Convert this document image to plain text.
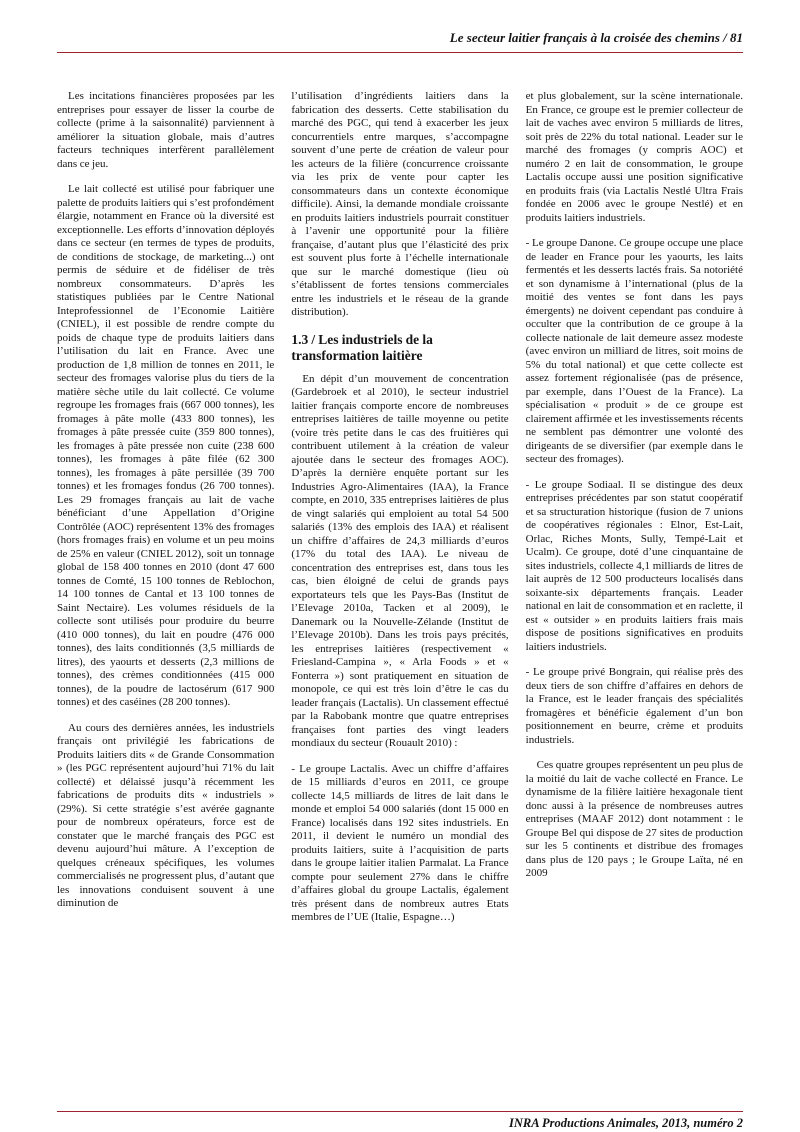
Le secteur laitier français à la croisée des chemins / 81

Les incitations financières proposées par les entreprises pour essayer de lisser la courbe de collecte (prime à la saisonnalité) parviennent à améliorer la situation globale, mais d’autres facteurs techniques interfèrent parallèlement dans ce jeu.

Le lait collecté est utilisé pour fabriquer une palette de produits laitiers qui s’est profondément élargie, notamment en France où la diversité est exceptionnelle. Les efforts d’innovation déployés dans ce secteur (en termes de types de produits, de conditions de stockage, de marketing...) ont permis de séduire et de fidéliser de très nombreux consommateurs. D’après les statistiques publiées par le Centre National Inteprofessionnel de l’Economie Laitière (CNIEL), il est possible de rendre compte du poids de chaque type de produits laitiers dans l’utilisation du lait en France. Avec une production de 1,8 million de tonnes en 2011, le secteur des fromages valorise plus du tiers de la matière sèche utile du lait collecté. Ce volume regroupe les fromages frais (667 000 tonnes), les fromages à pâte molle (433 800 tonnes), les fromages à pâte pressée cuite (359 800 tonnes), les fromages à pâte pressée non cuite (238 600 tonnes), les fromages à pâte filée (62 300 tonnes), les fromages à pâte persillée (39 700 tonnes) et les fromages fondus (26 700 tonnes). Les 29 fromages français au lait de vache bénéficiant d’une Appellation d’Origine Contrôlée (AOC) représentent 13% des fromages (hors fromages frais) en volume et un peu moins de 25% en valeur (CNIEL 2012), soit un tonnage global de 158 400 tonnes en 2010 (dont 47 600 tonnes de Comté, 15 100 tonnes de Reblochon, 14 100 tonnes de Cantal et 13 100 tonnes de Saint Nectaire). Les volumes résiduels de la collecte sont utilisés pour produire du beurre (410 000 tonnes), du lait en poudre (476 000 tonnes), des laits conditionnés (3,5 milliards de litres), des yaourts et desserts (2,3 millions de tonnes), des crèmes conditionnées (415 000 tonnes), de la poudre de lactosérum (617 900 tonnes) et des caséines (28 200 tonnes).

Au cours des dernières années, les industriels français ont privilégié les fabrications de Produits laitiers dits « de Grande Consommation » (les PGC représentent aujourd’hui 71% du lait collecté) et délaissé jusqu’à récemment les fabrications de produits dits « industriels » (29%). Si cette stratégie s’est avérée gagnante pour de nombreux opérateurs, force est de constater que le marché français des PGC est devenu aujourd’hui mâture. A l’exception de quelques créneaux spécifiques, les volumes commercialisés ne progressent plus, d’autant que les innovations conduisent souvent à une diminution de

l’utilisation d’ingrédients laitiers dans la fabrication des desserts. Cette stabilisation du marché des PGC, qui tend à exacerber les jeux concurrentiels entre marques, s’accompagne souvent d’une perte de création de valeur pour les acteurs de la filière (concurrence croissante via les prix de vente pour capter les consommateurs dans un contexte économique difficile). Ainsi, la demande mondiale croissante en produits laitiers industriels pourrait constituer à l’avenir une opportunité pour la filière française, d’autant plus que l’élasticité des prix est souvent plus forte à l’échelle internationale que sur le marché domestique (lieu où s’établissent de fortes tensions commerciales entre les industriels et le réseau de la grande distribution).

1.3 / Les industriels de la transformation laitière

En dépit d’un mouvement de concentration (Gardebroek et al 2010), le secteur industriel laitier français comporte encore de nombreuses entreprises laitières de taille moyenne ou petite (voire très petite dans le cas des fruitières qui contribuent utilement à la création de valeur ajoutée dans le secteur des fromages AOC). D’après la dernière enquête portant sur les Industries Agro-Alimentaires (IAA), la France compte, en 2010, 335 entreprises laitières de plus de vingt salariés qui emploient au total 54 500 salariés (13% des emplois des IAA) et réalisent un chiffre d’affaires de 24,3 milliards d’euros (17% du total des IAA). Le niveau de concentration des entreprises est, dans tous les cas, bien éloigné de celui de grands pays exportateurs tels que les Pays-Bas (Institut de l’Elevage 2010a, Tacken et al 2009), le Danemark ou la Nouvelle-Zélande (Institut de l’Elevage 2010b). Dans les trois pays précités, les entreprises laitières (respectivement « Friesland-Campina », « Arla Foods » et « Fonterra ») sont pratiquement en situation de monopole, ce qui est très loin d’être le cas du leader français (Lactalis). Un classement effectué par la Rabobank montre que quatre entreprises françaises font parties des vingt leaders mondiaux du secteur (Rouault 2010) :

- Le groupe Lactalis. Avec un chiffre d’affaires de 15 milliards d’euros en 2011, ce groupe collecte 14,5 milliards de litres de lait dans le monde et emploi 54 000 salariés (dont 15 000 en France) localisés dans 192 sites industriels. En 2011, il devient le numéro un mondial des produits laitiers, suite à l’acquisition de parts dans le groupe laitier italien Parmalat. La France compte pour seulement 27% dans le chiffre d’affaires global du groupe Lactalis, également très présent dans de nombreux autres Etats membres de l’UE (Italie, Espagne…)

et plus globalement, sur la scène internationale. En France, ce groupe est le premier collecteur de lait de vaches avec environ 5 milliards de litres, soit près de 22% du total national. Leader sur le marché des fromages (y compris AOC) et numéro 2 en lait de consommation, le groupe Lactalis occupe aussi une position significative en produits frais (via Lactalis Nestlé Ultra Frais fondée en 2006 avec le groupe Nestlé) et en produits laitiers industriels.

- Le groupe Danone. Ce groupe occupe une place de leader en France pour les yaourts, les laits fermentés et les desserts lactés frais. Sa notoriété et son dynamisme à l’international (plus de la moitié des ventes se font dans les pays émergents) ne doivent cependant pas conduire à occulter que la contribution de ce groupe à la collecte nationale de lait demeure assez modeste (avec environ un milliard de litres, soit moins de 5% du total national) et que cette collecte est assez fortement régionalisée (pas de présence, par exemple, dans l’Ouest de la France). La spécialisation « produit » de ce groupe est clairement affirmée et les investissements récents ne semblent pas démontrer une volonté des dirigeants de se diversifier (par exemple dans le secteur des fromages).

- Le groupe Sodiaal. Il se distingue des deux entreprises précédentes par son statut coopératif et sa structuration historique (fusion de 7 unions de coopératives régionales : Elnor, Est-Lait, Orlac, Riches Monts, Sully, Tempé-Lait et Ucalm). Ce groupe, doté d’une cinquantaine de sites industriels, collecte 4,1 milliards de litres de lait auprès de 12 500 producteurs localisés dans soixante-six départements français. Leader national en lait de consommation et en raclette, il est « outsider » en produits laitiers frais mais dispose de positions significatives en produits laitiers industriels.

- Le groupe privé Bongrain, qui réalise près des deux tiers de son chiffre d’affaires en dehors de la France, est le leader français des spécialités fromagères et bénéficie également d’un bon positionnement en beurre, crème et produits industriels.

Ces quatre groupes représentent un peu plus de la moitié du lait de vache collecté en France. Le dynamisme de la filière laitière hexagonale tient donc aussi à la présence de nombreuses autres entreprises (MAAF 2012) dont notamment : le Groupe Bel qui dispose de 27 sites de production sur les 5 continents et distribue des fromages dans plus de 120 pays ; le Groupe Laïta, né en 2009

INRA Productions Animales, 2013, numéro 2
